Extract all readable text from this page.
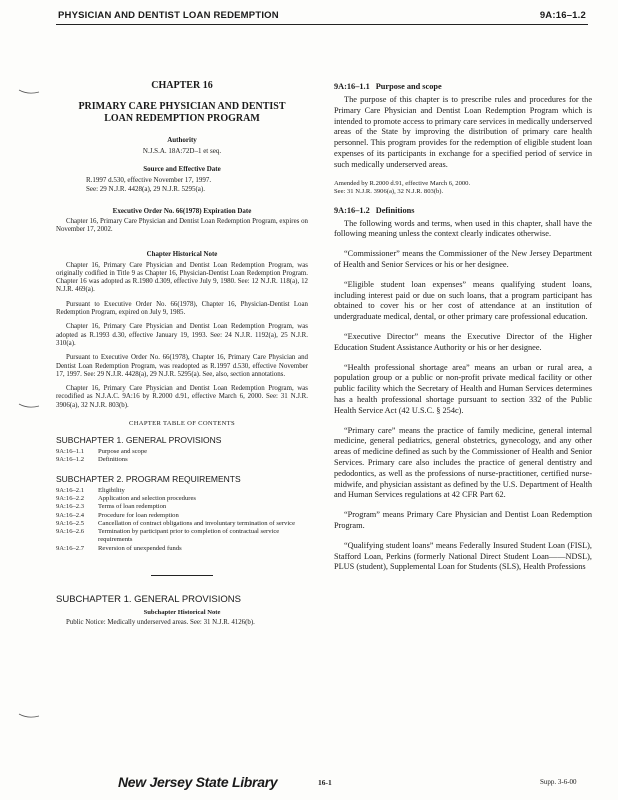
PHYSICIAN AND DENTIST LOAN REDEMPTION	9A:16–1.2
CHAPTER 16
PRIMARY CARE PHYSICIAN AND DENTIST
LOAN REDEMPTION PROGRAM
Authority
N.J.S.A. 18A:72D–1 et seq.
Source and Effective Date
R.1997 d.530, effective November 17, 1997.
See: 29 N.J.R. 4428(a), 29 N.J.R. 5295(a).
Executive Order No. 66(1978) Expiration Date
Chapter 16, Primary Care Physician and Dentist Loan Redemption Program, expires on November 17, 2002.
Chapter Historical Note
Chapter 16, Primary Care Physician and Dentist Loan Redemption Program, was originally codified in Title 9 as Chapter 16, Physician-Dentist Loan Redemption Program. Chapter 16 was adopted as R.1980 d.309, effective July 9, 1980. See: 12 N.J.R. 118(a), 12 N.J.R. 469(a).
Pursuant to Executive Order No. 66(1978), Chapter 16, Physician-Dentist Loan Redemption Program, expired on July 9, 1985.
Chapter 16, Primary Care Physician and Dentist Loan Redemption Program, was adopted as R.1993 d.30, effective January 19, 1993. See: 24 N.J.R. 1192(a), 25 N.J.R. 310(a).
Pursuant to Executive Order No. 66(1978), Chapter 16, Primary Care Physician and Dentist Loan Redemption Program, was readopted as R.1997 d.530, effective November 17, 1997. See: 29 N.J.R. 4428(a), 29 N.J.R. 5295(a). See, also, section annotations.
Chapter 16, Primary Care Physician and Dentist Loan Redemption Program, was recodified as N.J.A.C. 9A:16 by R.2000 d.91, effective March 6, 2000. See: 31 N.J.R. 3906(a), 32 N.J.R. 803(b).
CHAPTER TABLE OF CONTENTS
SUBCHAPTER 1. GENERAL PROVISIONS
9A:16–1.1	Purpose and scope
9A:16–1.2	Definitions
SUBCHAPTER 2. PROGRAM REQUIREMENTS
9A:16–2.1	Eligibility
9A:16–2.2	Application and selection procedures
9A:16–2.3	Terms of loan redemption
9A:16–2.4	Procedure for loan redemption
9A:16–2.5	Cancellation of contract obligations and involuntary termination of service
9A:16–2.6	Termination by participant prior to completion of contractual service requirements
9A:16–2.7	Reversion of unexpended funds
SUBCHAPTER 1. GENERAL PROVISIONS
Subchapter Historical Note
Public Notice: Medically underserved areas. See: 31 N.J.R. 4126(b).
9A:16–1.1 Purpose and scope
The purpose of this chapter is to prescribe rules and procedures for the Primary Care Physician and Dentist Loan Redemption Program which is intended to promote access to primary care services in medically underserved areas of the State by improving the distribution of primary care health personnel. This program provides for the redemption of eligible student loan expenses of its participants in exchange for a specified period of service in such medically underserved areas.
Amended by R.2000 d.91, effective March 6, 2000.
See: 31 N.J.R. 3906(a), 32 N.J.R. 803(b).
9A:16–1.2 Definitions
The following words and terms, when used in this chapter, shall have the following meaning unless the context clearly indicates otherwise.
“Commissioner” means the Commissioner of the New Jersey Department of Health and Senior Services or his or her designee.
“Eligible student loan expenses” means qualifying student loans, including interest paid or due on such loans, that a program participant has obtained to cover his or her cost of attendance at an institution of undergraduate medical, dental, or other primary care professional education.
“Executive Director” means the Executive Director of the Higher Education Student Assistance Authority or his or her designee.
“Health professional shortage area” means an urban or rural area, a population group or a public or non-profit private medical facility or other public facility which the Secretary of Health and Human Services determines has a health professional shortage pursuant to section 332 of the Public Health Service Act (42 U.S.C. § 254c).
“Primary care” means the practice of family medicine, general internal medicine, general pediatrics, general obstetrics, gynecology, and any other areas of medicine defined as such by the Commissioner of Health and Senior Services. Primary care also includes the practice of general dentistry and pedodontics, as well as the professions of nurse-practitioner, certified nurse-midwife, and physician assistant as defined by the U.S. Department of Health and Human Services regulations at 42 CFR Part 62.
“Program” means Primary Care Physician and Dentist Loan Redemption Program.
“Qualifying student loans” means Federally Insured Student Loan (FISL), Stafford Loan, Perkins (formerly National Direct Student Loan——NDSL), PLUS (student), Supplemental Loan for Students (SLS), Health Professions
New Jersey State Library	16-1	Supp. 3-6-00
